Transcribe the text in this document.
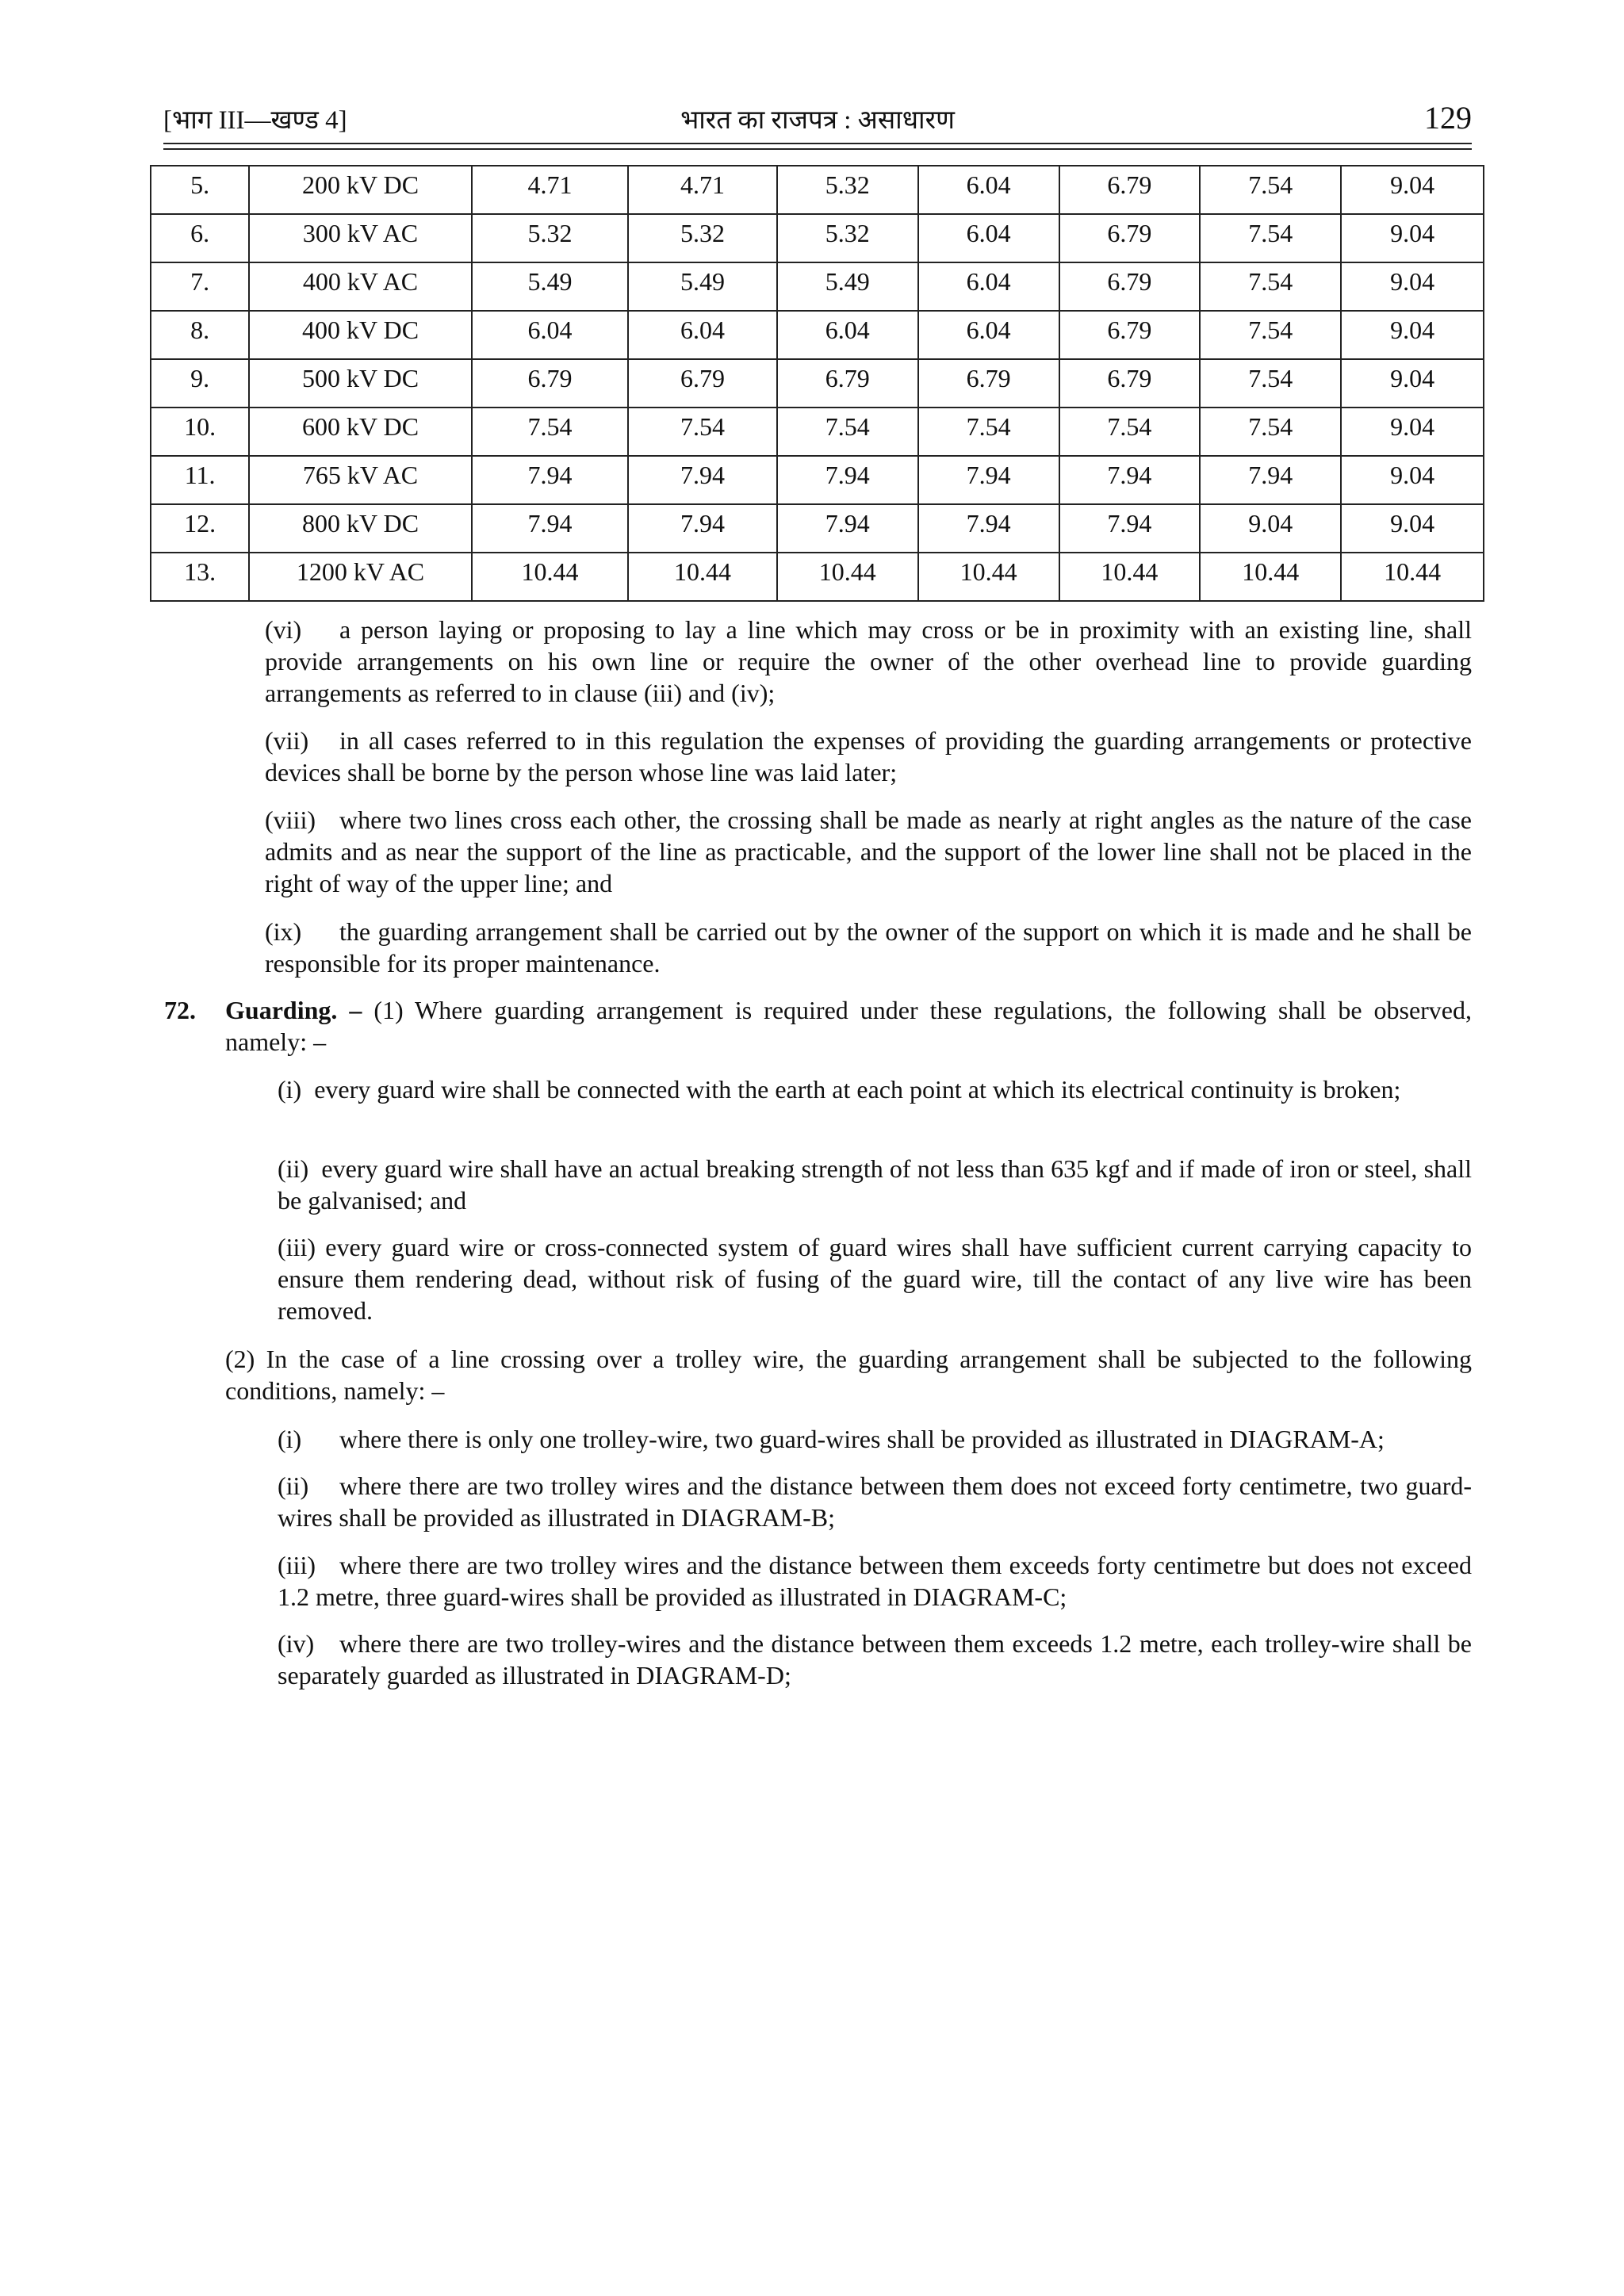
[भाग III—खण्ड 4]	भारत का राजपत्र : असाधारण	129
5.	200 kV DC	4.71	4.71	5.32	6.04	6.79	7.54	9.04
6.	300 kV AC	5.32	5.32	5.32	6.04	6.79	7.54	9.04
7.	400 kV AC	5.49	5.49	5.49	6.04	6.79	7.54	9.04
8.	400 kV DC	6.04	6.04	6.04	6.04	6.79	7.54	9.04
9.	500 kV DC	6.79	6.79	6.79	6.79	6.79	7.54	9.04
10.	600 kV DC	7.54	7.54	7.54	7.54	7.54	7.54	9.04
11.	765 kV AC	7.94	7.94	7.94	7.94	7.94	7.94	9.04
12.	800 kV DC	7.94	7.94	7.94	7.94	7.94	9.04	9.04
13.	1200 kV AC	10.44	10.44	10.44	10.44	10.44	10.44	10.44
(vi) a person laying or proposing to lay a line which may cross or be in proximity with an existing line, shall provide arrangements on his own line or require the owner of the other overhead line to provide guarding arrangements as referred to in clause (iii) and (iv);
(vii) in all cases referred to in this regulation the expenses of providing the guarding arrangements or protective devices shall be borne by the person whose line was laid later;
(viii) where two lines cross each other, the crossing shall be made as nearly at right angles as the nature of the case admits and as near the support of the line as practicable, and the support of the lower line shall not be placed in the right of way of the upper line; and
(ix) the guarding arrangement shall be carried out by the owner of the support on which it is made and he shall be responsible for its proper maintenance.
72. Guarding. – (1) Where guarding arrangement is required under these regulations, the following shall be observed, namely: –
(i) every guard wire shall be connected with the earth at each point at which its electrical continuity is broken;
(ii) every guard wire shall have an actual breaking strength of not less than 635 kgf and if made of iron or steel, shall be galvanised; and
(iii) every guard wire or cross-connected system of guard wires shall have sufficient current carrying capacity to ensure them rendering dead, without risk of fusing of the guard wire, till the contact of any live wire has been removed.
(2) In the case of a line crossing over a trolley wire, the guarding arrangement shall be subjected to the following conditions, namely: –
(i) where there is only one trolley-wire, two guard-wires shall be provided as illustrated in DIAGRAM-A;
(ii) where there are two trolley wires and the distance between them does not exceed forty centimetre, two guard-wires shall be provided as illustrated in DIAGRAM-B;
(iii) where there are two trolley wires and the distance between them exceeds forty centimetre but does not exceed 1.2 metre, three guard-wires shall be provided as illustrated in DIAGRAM-C;
(iv) where there are two trolley-wires and the distance between them exceeds 1.2 metre, each trolley-wire shall be separately guarded as illustrated in DIAGRAM-D;
